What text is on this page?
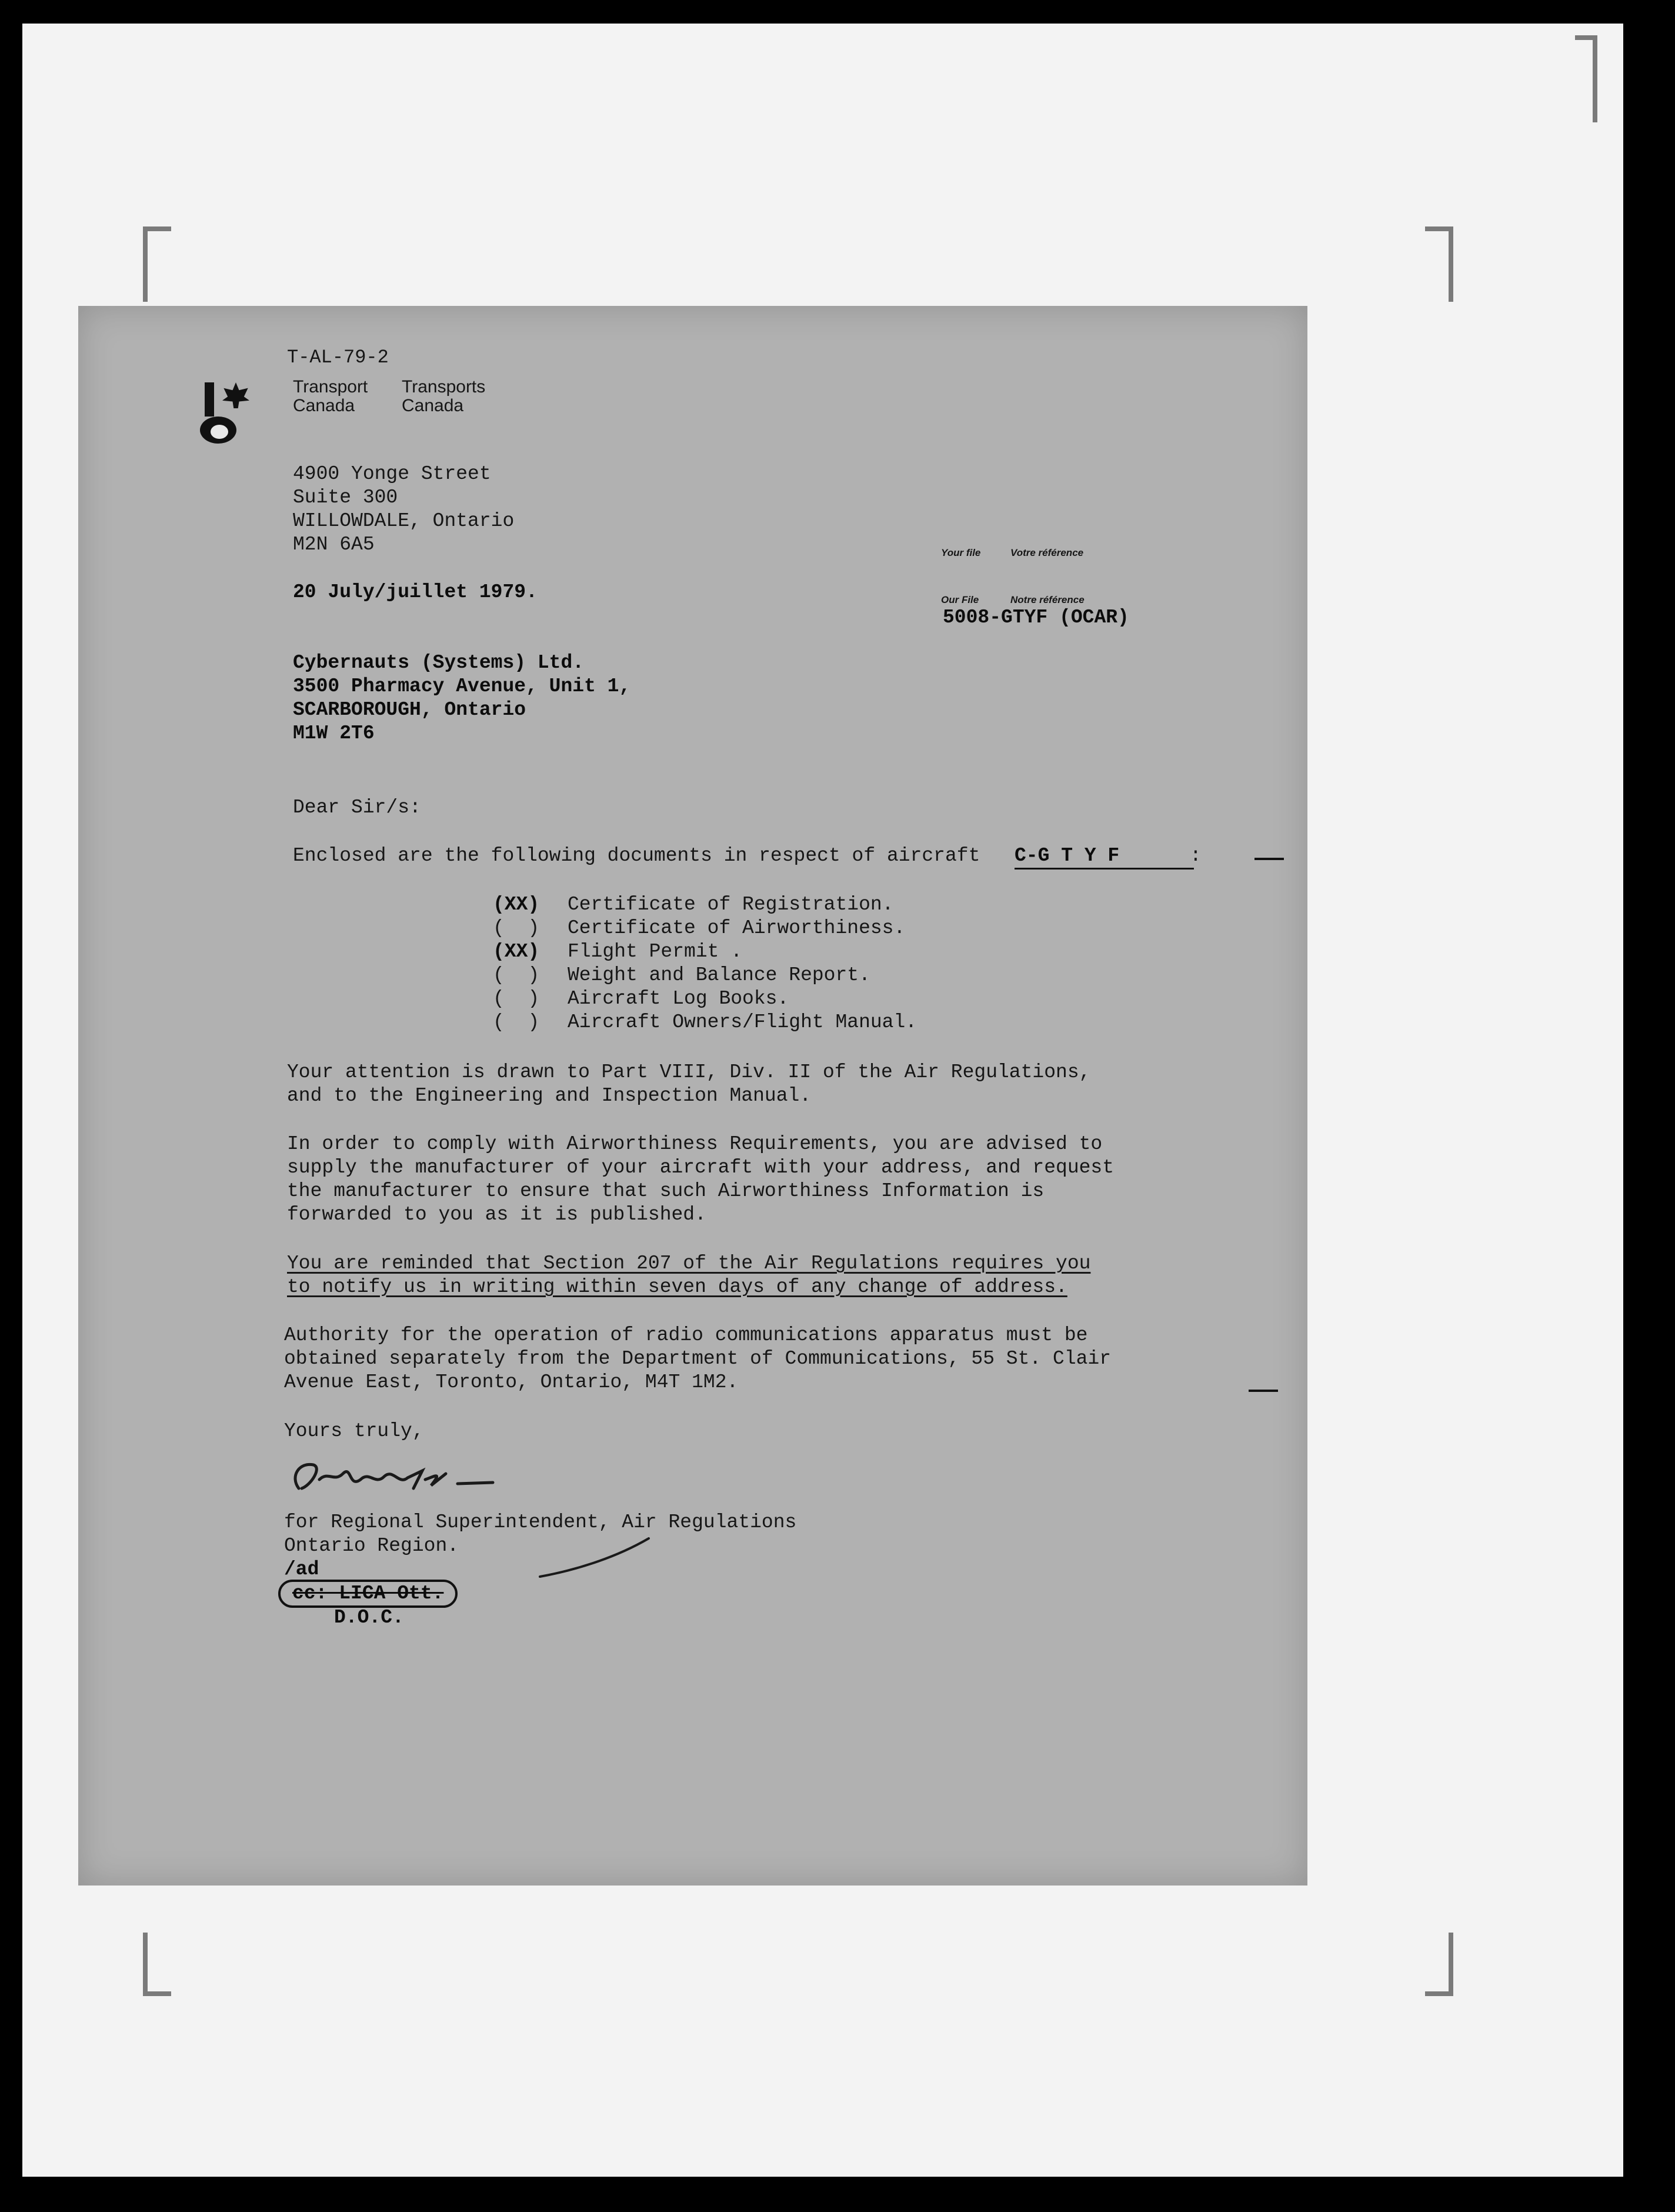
T-AL-79-2
Transport
Canada
Transports
Canada
4900 Yonge Street
Suite 300
WILLOWDALE, Ontario
M2N 6A5
20 July/juillet 1979.
Your file	Votre référence
Our File	Notre référence
5008-GTYF (OCAR)
Cybernauts (Systems) Ltd.
3500 Pharmacy Avenue, Unit 1,
SCARBOROUGH, Ontario
M1W 2T6
Dear Sir/s:
Enclosed are the following documents in respect of aircraft C-G T Y F	:
(XX) Certificate of Registration.
(  ) Certificate of Airworthiness.
(XX) Flight Permit .
(  ) Weight and Balance Report.
(  ) Aircraft Log Books.
(  ) Aircraft Owners/Flight Manual.
Your attention is drawn to Part VIII, Div. II of the Air Regulations,
and to the Engineering and Inspection Manual.
In order to comply with Airworthiness Requirements, you are advised to
supply the manufacturer of your aircraft with your address, and request
the manufacturer to ensure that such Airworthiness Information is
forwarded to you as it is published.
You are reminded that Section 207 of the Air Regulations requires you
to notify us in writing within seven days of any change of address.
Authority for the operation of radio communications apparatus must be
obtained separately from the Department of Communications, 55 St. Clair
Avenue East, Toronto, Ontario, M4T 1M2.
Yours truly,
for Regional Superintendent, Air Regulations
Ontario Region.
/ad
cc: LICA Ott.
D.O.C.
